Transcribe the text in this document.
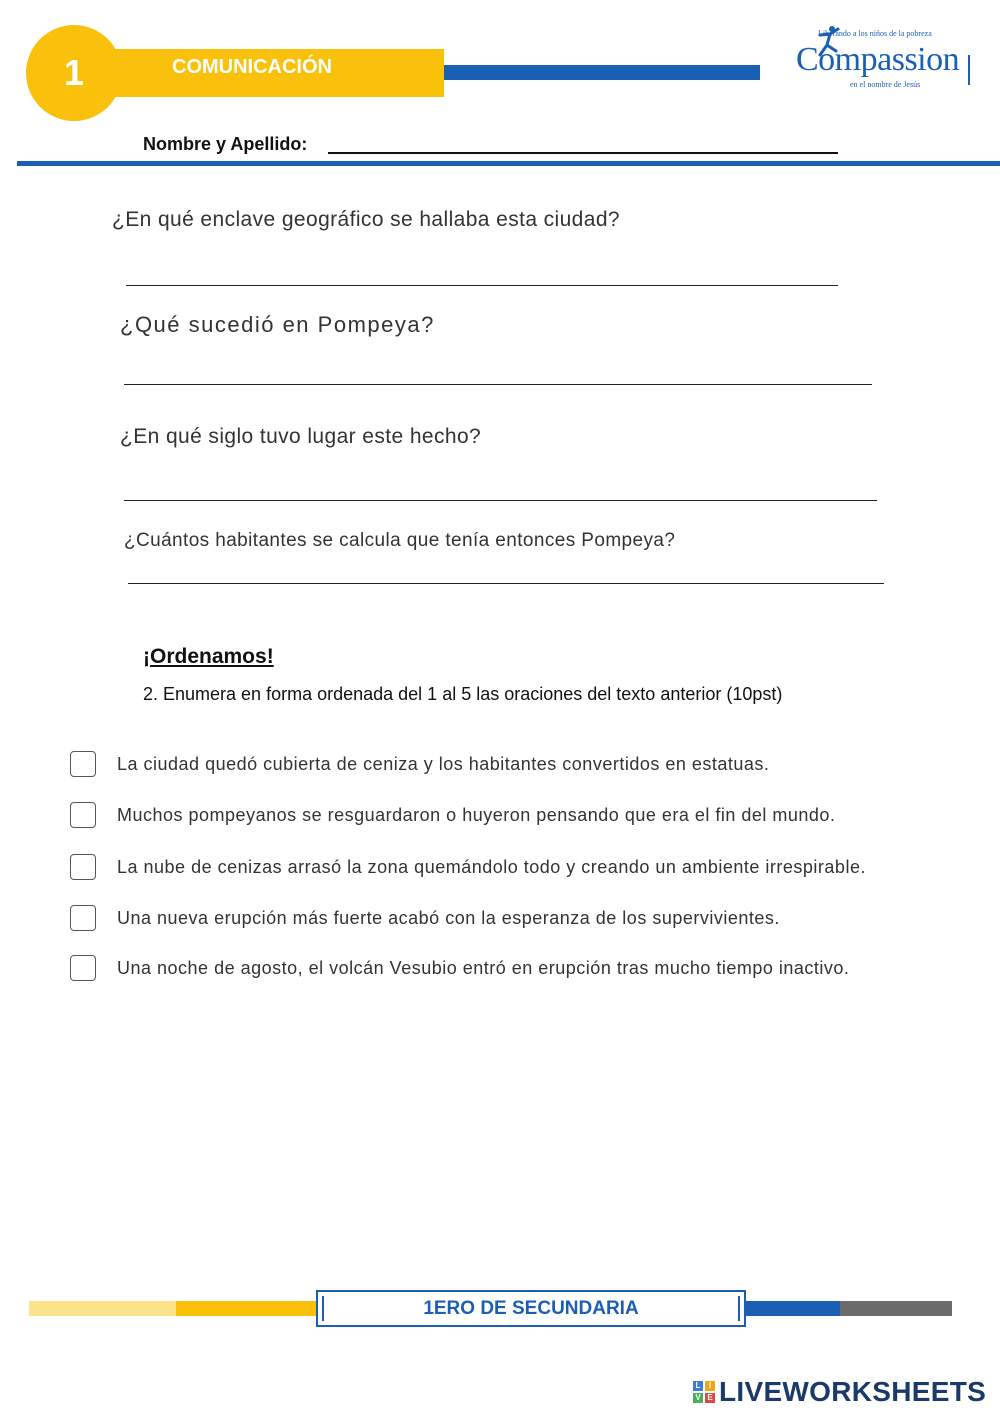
1	COMUNICACIÓN
Liberando a los niños de la pobreza
Compassion
en el nombre de Jesús
Nombre y Apellido:
¿En qué enclave geográfico se hallaba esta ciudad?
¿Qué sucedió en Pompeya?
¿En qué siglo tuvo lugar este hecho?
¿Cuántos habitantes se calcula que tenía entonces Pompeya?
¡Ordenamos!
2. Enumera en forma ordenada del 1 al 5 las oraciones del texto anterior (10pst)
La ciudad quedó cubierta de ceniza y los habitantes convertidos en estatuas.
Muchos pompeyanos se resguardaron o huyeron pensando que era el fin del mundo.
La nube de cenizas arrasó la zona quemándolo todo y creando un ambiente irrespirable.
Una nueva erupción más fuerte acabó con la esperanza de los supervivientes.
Una noche de agosto, el volcán Vesubio entró en erupción tras mucho tiempo inactivo.
1ERO DE SECUNDARIA
L	I
V E LIVEWORKSHEETS
